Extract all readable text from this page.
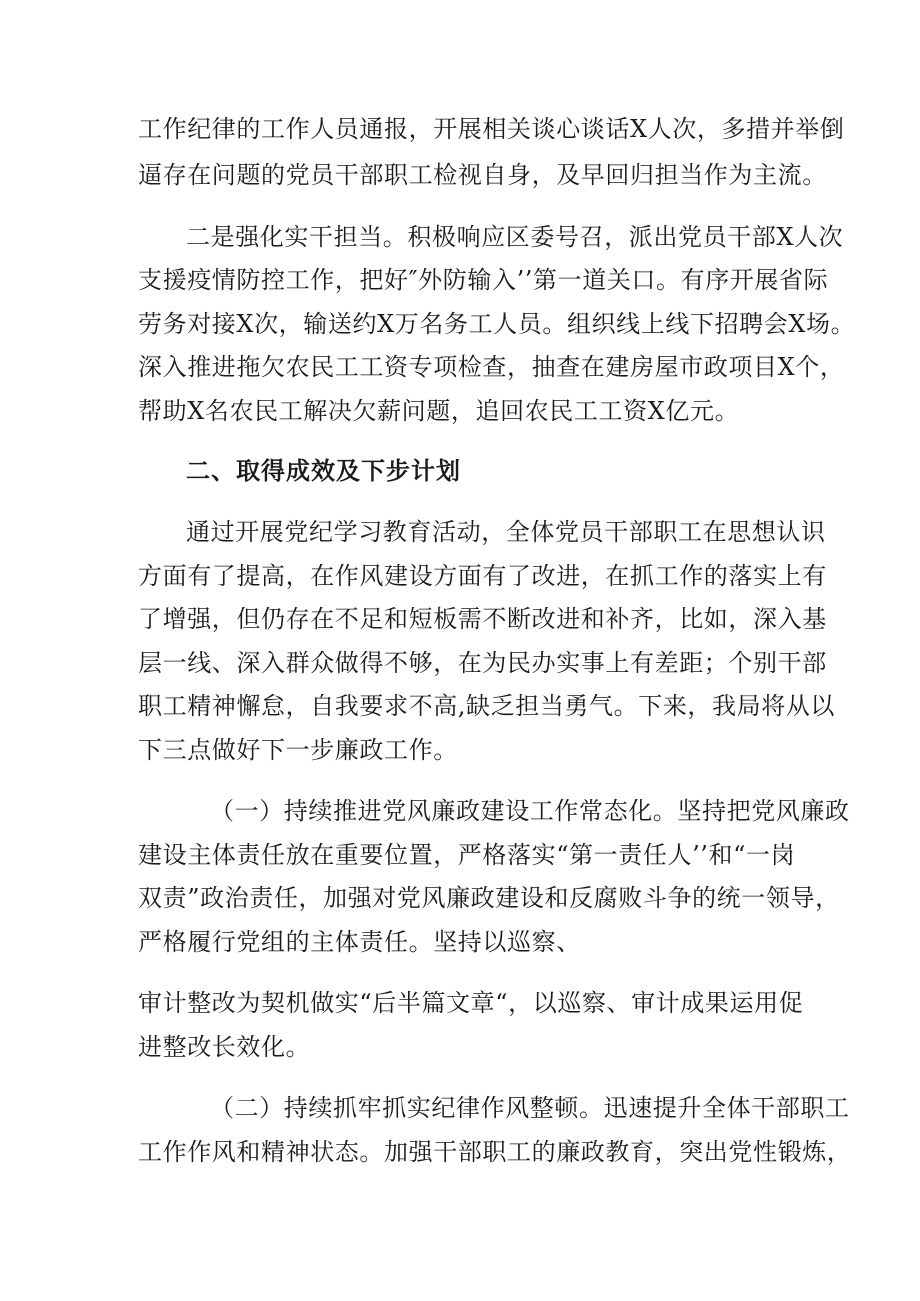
工作纪律的工作人员通报，开展相关谈心谈话X人次，多措并举倒
逼存在问题的党员干部职工检视自身，及早回归担当作为主流。
二是强化实干担当。积极响应区委号召，派出党员干部X人次
支援疫情防控工作，把好″外防输入’’第一道关口。有序开展省际
劳务对接X次，输送约X万名务工人员。组织线上线下招聘会X场。
深入推进拖欠农民工工资专项检查，抽查在建房屋市政项目X个，
帮助X名农民工解决欠薪问题，追回农民工工资X亿元。
二、取得成效及下步计划
通过开展党纪学习教育活动，全体党员干部职工在思想认识
方面有了提高，在作风建设方面有了改进，在抓工作的落实上有
了增强，但仍存在不足和短板需不断改进和补齐，比如，深入基
层一线、深入群众做得不够，在为民办实事上有差距；个别干部
职工精神懈怠，自我要求不高,缺乏担当勇气。下来，我局将从以
下三点做好下一步廉政工作。
（一）持续推进党风廉政建设工作常态化。坚持把党风廉政
建设主体责任放在重要位置，严格落实“第一责任人’’和“一岗
双责”政治责任，加强对党风廉政建设和反腐败斗争的统一领导，
严格履行党组的主体责任。坚持以巡察、
审计整改为契机做实“后半篇文章“，以巡察、审计成果运用促
进整改长效化。
（二）持续抓牢抓实纪律作风整顿。迅速提升全体干部职工
工作作风和精神状态。加强干部职工的廉政教育，突出党性锻炼，
